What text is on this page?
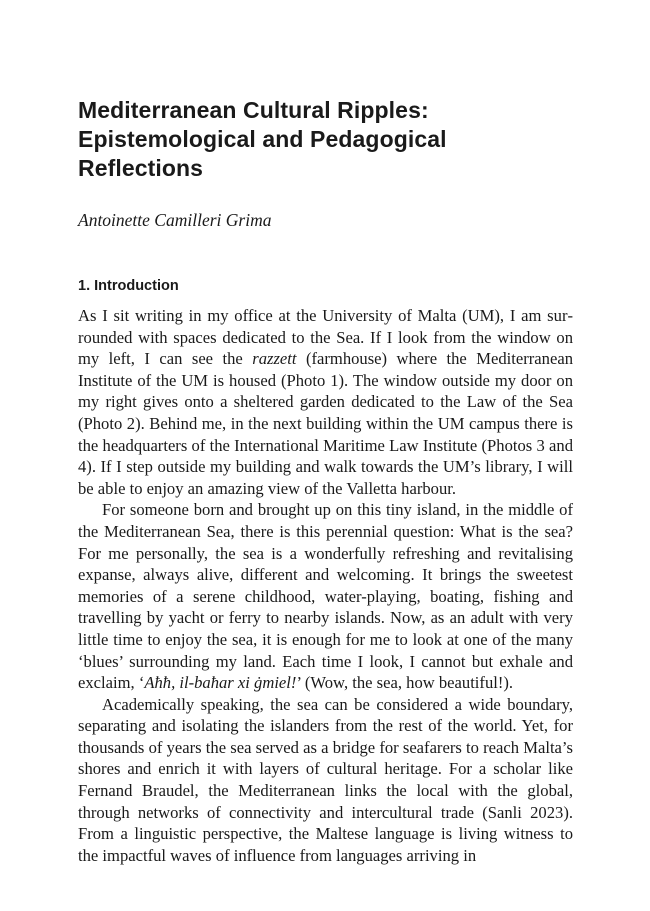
Mediterranean Cultural Ripples:
Epistemological and Pedagogical
Reflections
Antoinette Camilleri Grima
1. Introduction

As I sit writing in my office at the University of Malta (UM), I am surrounded with spaces dedicated to the Sea. If I look from the window on my left, I can see the razzett (farmhouse) where the Mediterranean Institute of the UM is housed (Photo 1). The window outside my door on my right gives onto a sheltered garden dedicated to the Law of the Sea (Photo 2). Behind me, in the next building within the UM campus there is the headquarters of the International Maritime Law Institute (Photos 3 and 4). If I step outside my building and walk towards the UM’s library, I will be able to enjoy an amazing view of the Valletta harbour.

For someone born and brought up on this tiny island, in the middle of the Mediterranean Sea, there is this perennial question: What is the sea? For me personally, the sea is a wonderfully refreshing and revitalising expanse, always alive, different and welcoming. It brings the sweetest memories of a serene childhood, water-playing, boating, fishing and travelling by yacht or ferry to nearby islands. Now, as an adult with very little time to enjoy the sea, it is enough for me to look at one of the many ‘blues’ surrounding my land. Each time I look, I cannot but exhale and exclaim, ‘Aħħ, il-baħar xi ġmiel!’ (Wow, the sea, how beautiful!).

Academically speaking, the sea can be considered a wide boundary, separating and isolating the islanders from the rest of the world. Yet, for thousands of years the sea served as a bridge for seafarers to reach Malta’s shores and enrich it with layers of cultural heritage. For a scholar like Fernand Braudel, the Mediterranean links the local with the global, through networks of connectivity and intercultural trade (Sanli 2023). From a linguistic perspective, the Maltese language is living witness to the impactful waves of influence from languages arriving in
